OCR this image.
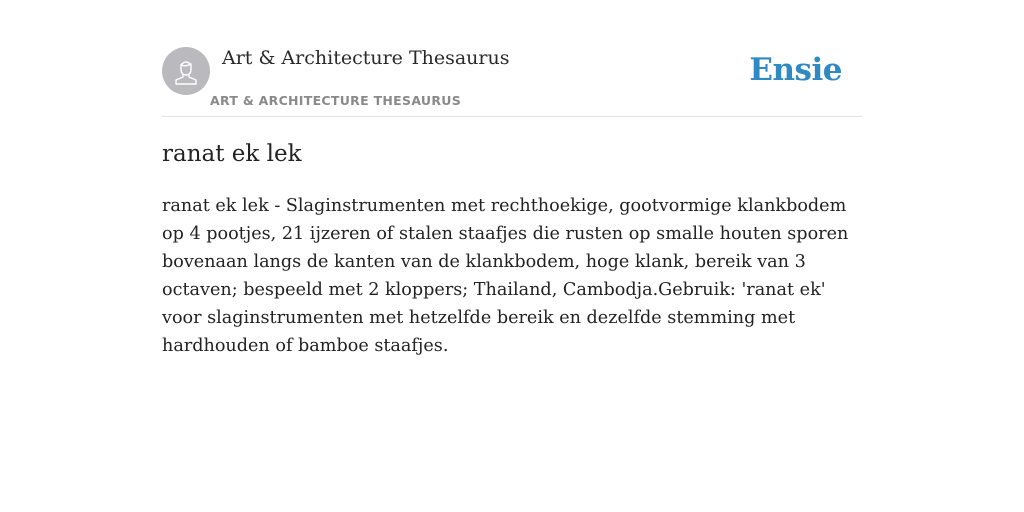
Art & Architecture Thesaurus
ART & ARCHITECTURE THESAURUS
Ensie
ranat ek lek

ranat ek lek - Slaginstrumenten met rechthoekige, gootvormige klankbodem op 4 pootjes, 21 ijzeren of stalen staafjes die rusten op smalle houten sporen bovenaan langs de kanten van de klankbodem, hoge klank, bereik van 3 octaven; bespeeld met 2 kloppers; Thailand, Cambodja.Gebruik: 'ranat ek' voor slaginstrumenten met hetzelfde bereik en dezelfde stemming met hardhouden of bamboe staafjes.
